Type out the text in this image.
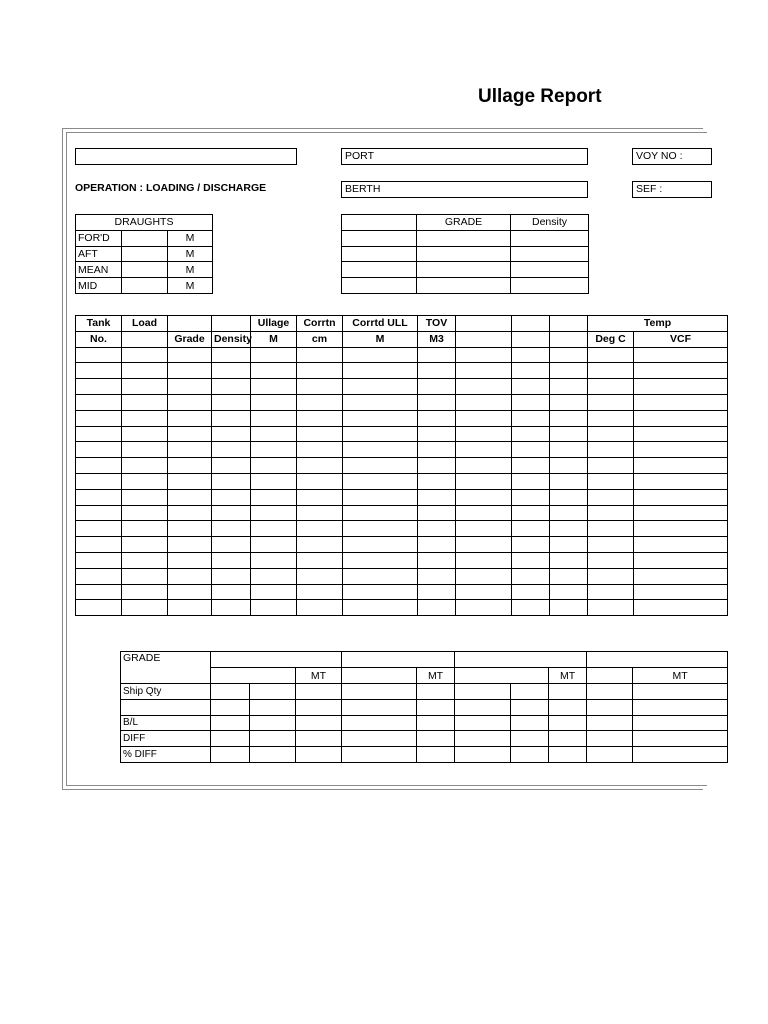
Ullage Report
PORT	VOY NO :
OPERATION : LOADING / DISCHARGE	BERTH	SEF :
DRAUGHTS		
FOR'D		M
AFT		M
MEAN		M
MID		M
	GRADE	Density

Tank	Load			Ullage	Corrtn	Corrtd ULL	TOV				Temp	
No.		Grade	Density	M	cm	M	M3				Deg C	VCF

GRADE										
			MT		MT			MT		MT
Ship Qty										

B/L										
DIFF										
% DIFF										
